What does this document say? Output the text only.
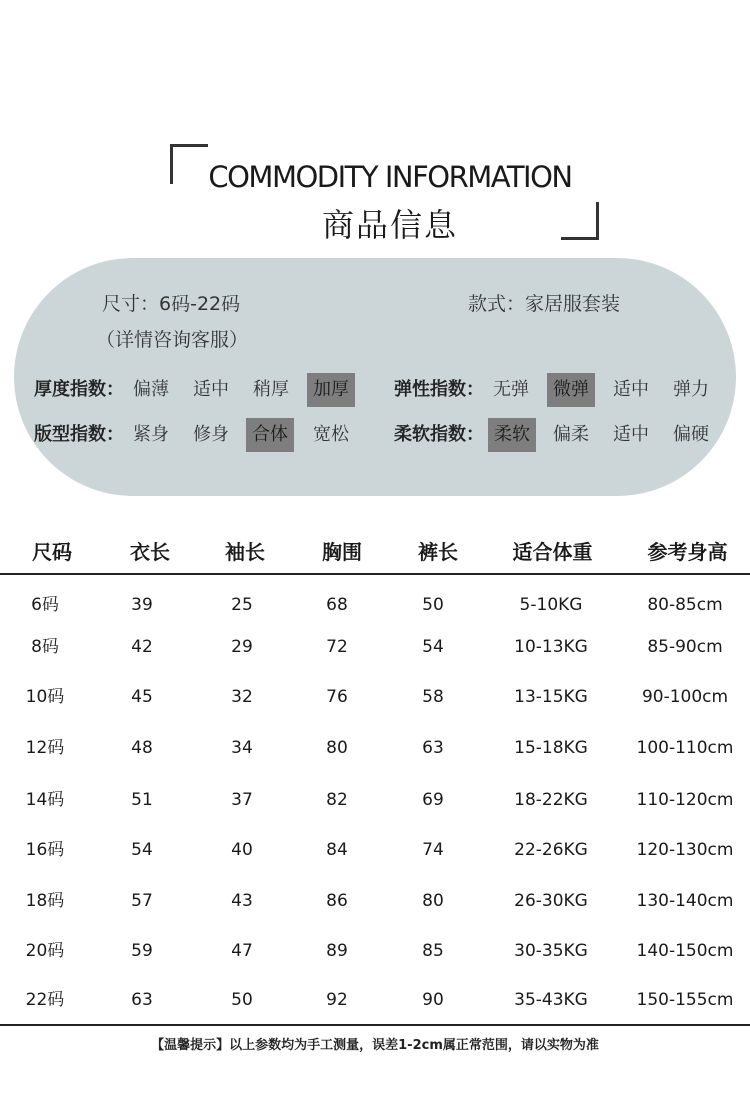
COMMODITY INFORMATION
商品信息
尺寸：6码-22码
（详情咨询客服）
款式：家居服套装
厚度指数： 偏薄	适中	稍厚	加厚	弹性指数： 无弹	微弹	适中	弹力
版型指数： 紧身	修身	合体	宽松	柔软指数： 柔软	偏柔	适中	偏硬
尺码	衣长	袖长	胸围	裤长	适合体重	参考身高
6码	39	25	68	50	5-10KG	80-85cm
8码	42	29	72	54	10-13KG	85-90cm
10码	45	32	76	58	13-15KG	90-100cm
12码	48	34	80	63	15-18KG	100-110cm
14码	51	37	82	69	18-22KG	110-120cm
16码	54	40	84	74	22-26KG	120-130cm
18码	57	43	86	80	26-30KG	130-140cm
20码	59	47	89	85	30-35KG	140-150cm
22码	63	50	92	90	35-43KG	150-155cm
【温馨提示】以上参数均为手工测量，误差1-2cm属正常范围，请以实物为准
